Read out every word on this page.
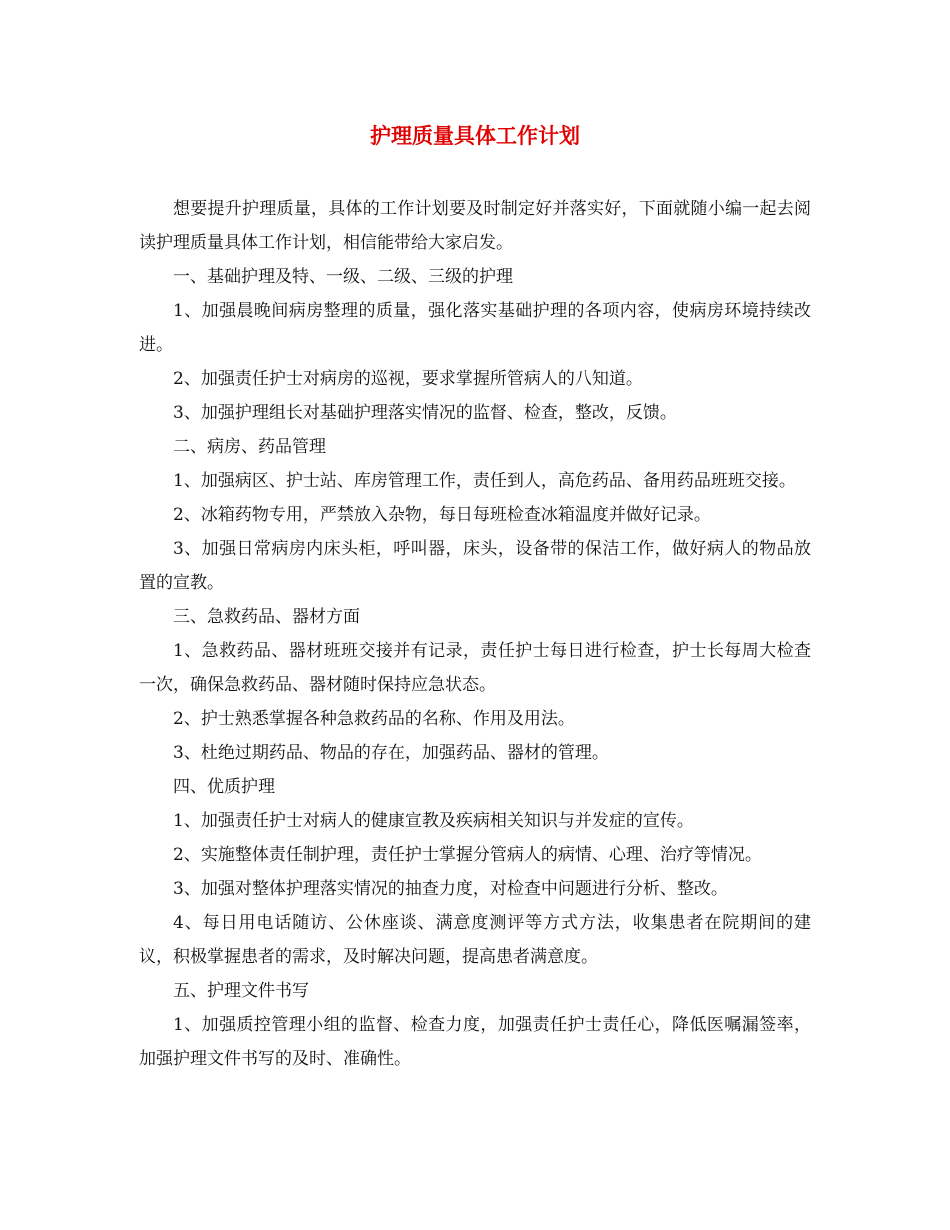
护理质量具体工作计划

想要提升护理质量，具体的工作计划要及时制定好并落实好，下面就随小编一起去阅读护理质量具体工作计划，相信能带给大家启发。

一、基础护理及特、一级、二级、三级的护理

1、加强晨晚间病房整理的质量，强化落实基础护理的各项内容，使病房环境持续改进。

2、加强责任护士对病房的巡视，要求掌握所管病人的八知道。

3、加强护理组长对基础护理落实情况的监督、检查，整改，反馈。

二、病房、药品管理

1、加强病区、护士站、库房管理工作，责任到人，高危药品、备用药品班班交接。

2、冰箱药物专用，严禁放入杂物，每日每班检查冰箱温度并做好记录。

3、加强日常病房内床头柜，呼叫器，床头，设备带的保洁工作，做好病人的物品放置的宣教。

三、急救药品、器材方面

1、急救药品、器材班班交接并有记录，责任护士每日进行检查，护士长每周大检查一次，确保急救药品、器材随时保持应急状态。

2、护士熟悉掌握各种急救药品的名称、作用及用法。

3、杜绝过期药品、物品的存在，加强药品、器材的管理。

四、优质护理

1、加强责任护士对病人的健康宣教及疾病相关知识与并发症的宣传。

2、实施整体责任制护理，责任护士掌握分管病人的病情、心理、治疗等情况。

3、加强对整体护理落实情况的抽查力度，对检查中问题进行分析、整改。

4、每日用电话随访、公休座谈、满意度测评等方式方法，收集患者在院期间的建议，积极掌握患者的需求，及时解决问题，提高患者满意度。

五、护理文件书写

1、加强质控管理小组的监督、检查力度，加强责任护士责任心，降低医嘱漏签率，加强护理文件书写的及时、准确性。
